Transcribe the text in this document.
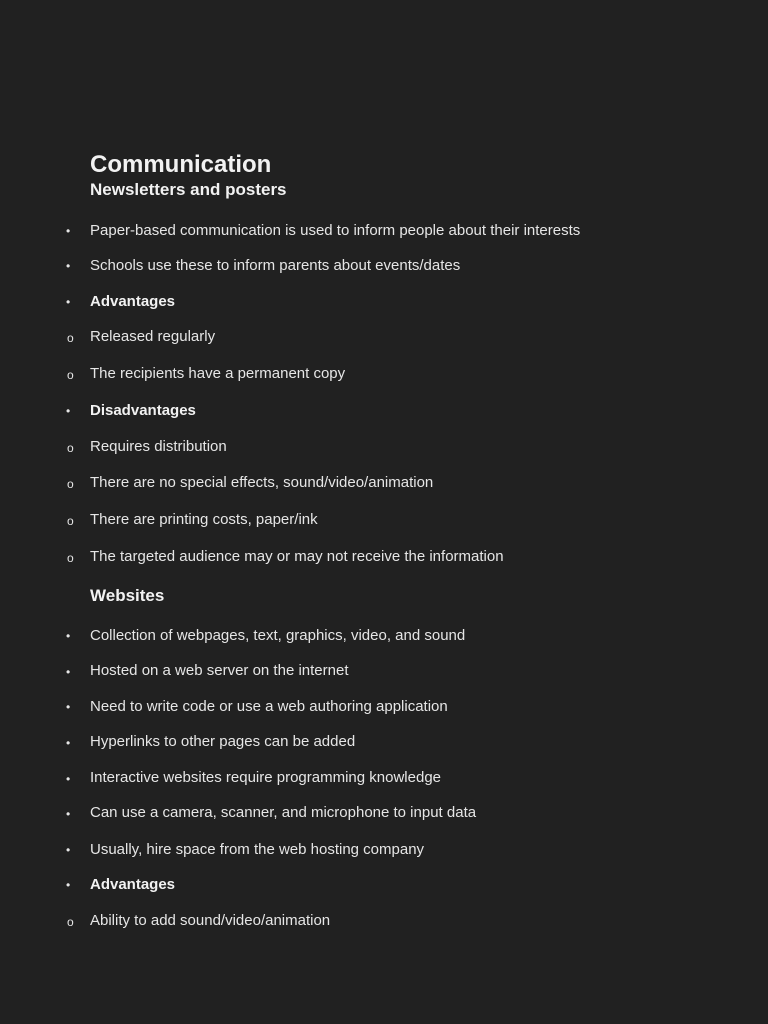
Communication
Newsletters and posters
• Paper-based communication is used to inform people about their interests
• Schools use these to inform parents about events/dates
• Advantages
o Released regularly
o The recipients have a permanent copy
• Disadvantages
o Requires distribution
o There are no special effects, sound/video/animation
o There are printing costs, paper/ink
o The targeted audience may or may not receive the information
Websites
• Collection of webpages, text, graphics, video, and sound
• Hosted on a web server on the internet
• Need to write code or use a web authoring application
• Hyperlinks to other pages can be added
• Interactive websites require programming knowledge
• Can use a camera, scanner, and microphone to input data
• Usually, hire space from the web hosting company
• Advantages
o Ability to add sound/video/animation
